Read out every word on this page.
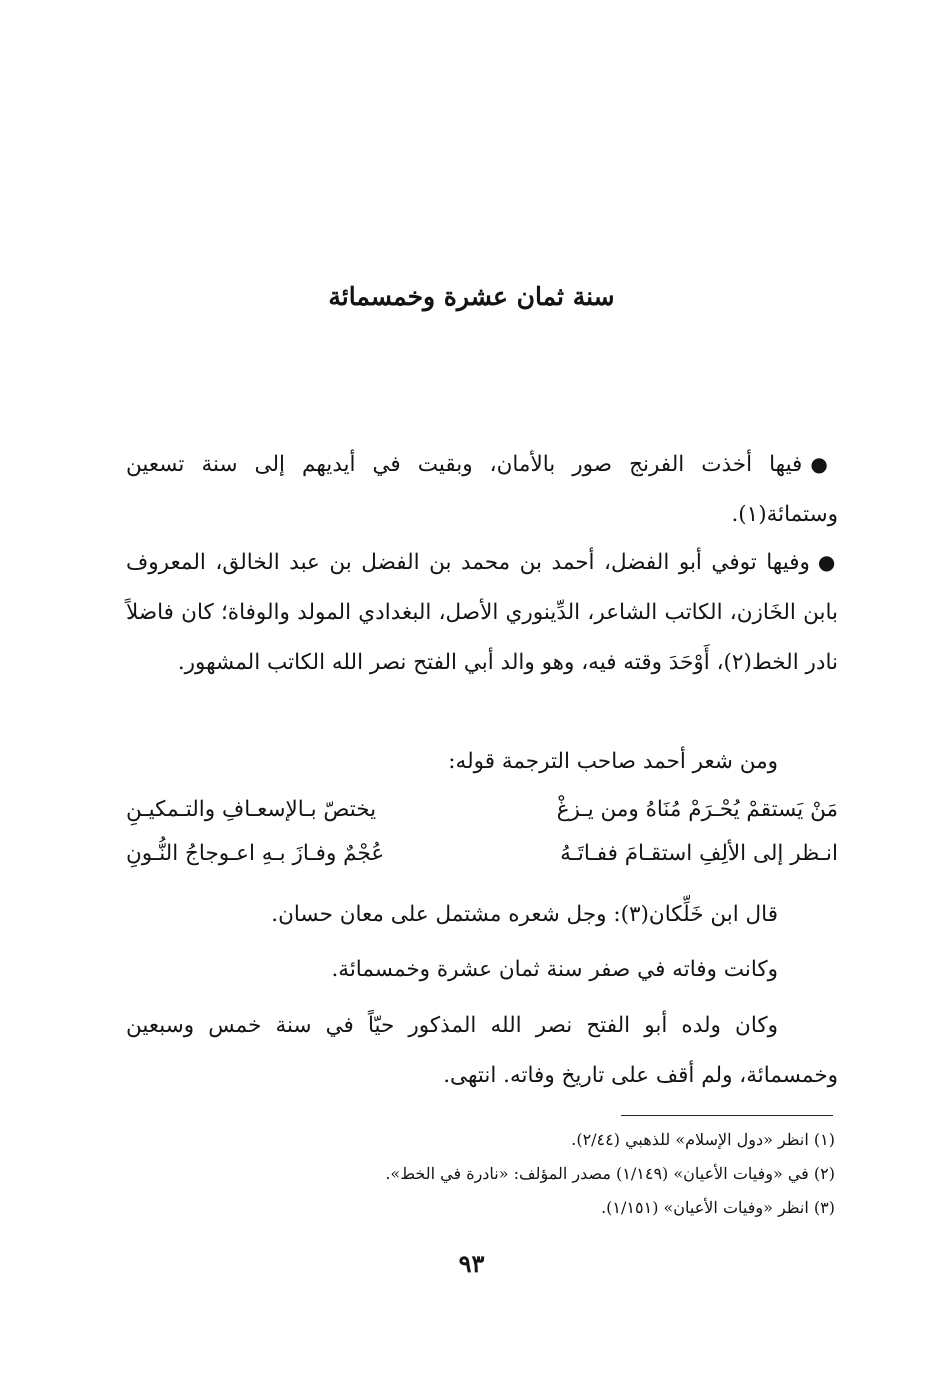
سنة ثمان عشرة وخمسمائة
●فيها أخذت الفرنج صور بالأمان، وبقيت في أيديهم إلى سنة تسعين وستمائة(١).
●وفيها توفي أبو الفضل، أحمد بن محمد بن الفضل بن عبد الخالق، المعروف بابن الخَازن، الكاتب الشاعر، الدِّينوري الأصل، البغدادي المولد والوفاة؛ كان فاضلاً نادر الخط(٢)، أَوْحَدَ وقته فيه، وهو والد أبي الفتح نصر الله الكاتب المشهور.
ومن شعر أحمد صاحب الترجمة قوله:
مَنْ يَستقمْ يُحْـرَمْ مُنَاهُ ومن يـزغْ
يختصّ بـالإسعـافِ والتـمكيـنِ
انـظر إلى الألِفِ استقـامَ ففـاتَـهُ
عُجْمٌ وفـازَ بـهِ اعـوجاجُ النُّـونِ
قال ابن خَلِّكان(٣): وجل شعره مشتمل على معان حسان.
وكانت وفاته في صفر سنة ثمان عشرة وخمسمائة.
وكان ولده أبو الفتح نصر الله المذكور حيّاً في سنة خمس وسبعين وخمسمائة، ولم أقف على تاريخ وفاته. انتهى.
(١) انظر «دول الإسلام» للذهبي (٢/٤٤).
(٢) في «وفيات الأعيان» (١/١٤٩) مصدر المؤلف: «نادرة في الخط».
(٣) انظر «وفيات الأعيان» (١/١٥١).
٩٣
